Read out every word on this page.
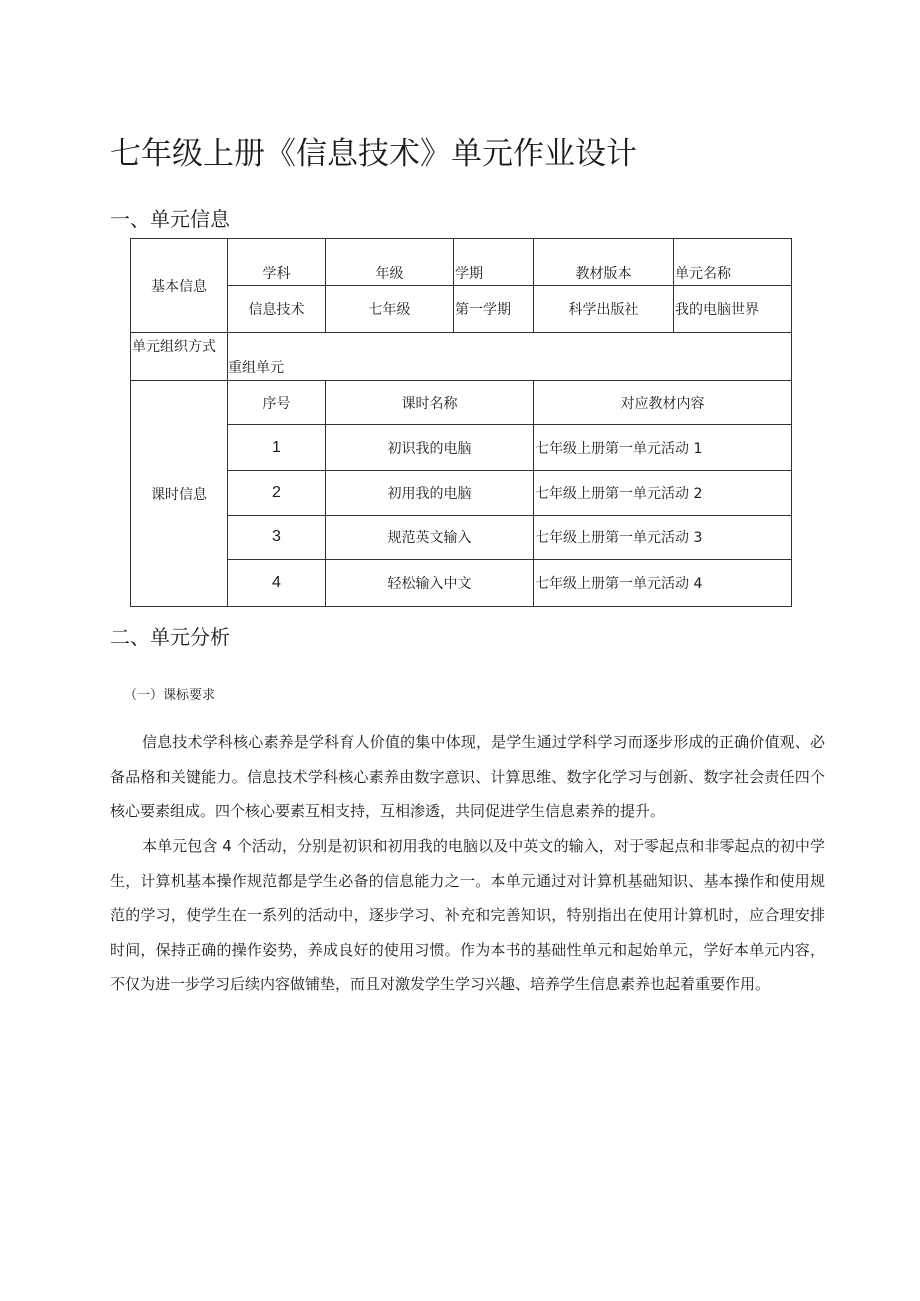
七年级上册《信息技术》单元作业设计
一、单元信息
基本信息	学科	年级	学期	教材版本	单元名称
	信息技术	七年级	第一学期	科学出版社	我的电脑世界

单元组织方式	重组单元				

课时信息	序号	课时名称		对应教材内容	
	1	初识我的电脑		七年级上册第一单元活动 1	
	2	初用我的电脑		七年级上册第一单元活动 2	
	3	规范英文输入		七年级上册第一单元活动 3	
	4	轻松输入中文		七年级上册第一单元活动 4	
二、单元分析
（一）课标要求

信息技术学科核心素养是学科育人价值的集中体现，是学生通过学科学习而逐步形成的正确价值观、必备品格和关键能力。信息技术学科核心素养由数字意识、计算思维、数字化学习与创新、数字社会责任四个核心要素组成。四个核心要素互相支持，互相渗透，共同促进学生信息素养的提升。

本单元包含 4 个活动，分别是初识和初用我的电脑以及中英文的输入，对于零起点和非零起点的初中学生，计算机基本操作规范都是学生必备的信息能力之一。本单元通过对计算机基础知识、基本操作和使用规范的学习，使学生在一系列的活动中，逐步学习、补充和完善知识，特别指出在使用计算机时，应合理安排时间，保持正确的操作姿势，养成良好的使用习惯。作为本书的基础性单元和起始单元，学好本单元内容，不仅为进一步学习后续内容做铺垫，而且对激发学生学习兴趣、培养学生信息素养也起着重要作用。
